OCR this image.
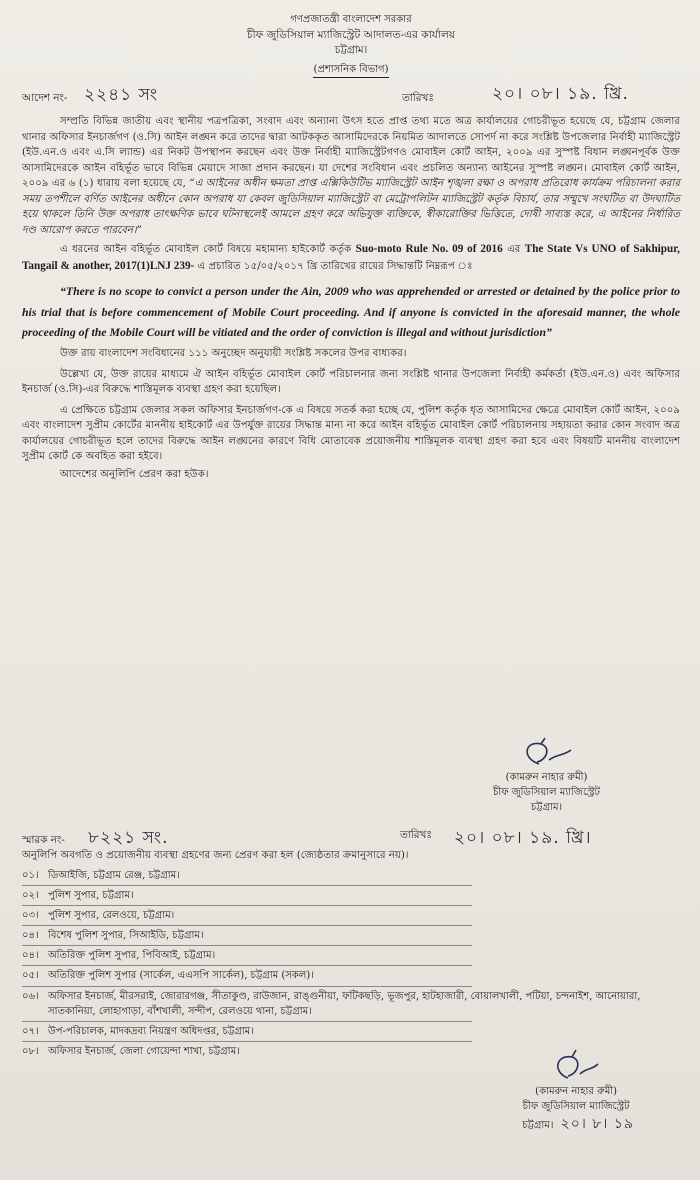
গণপ্রজাতন্ত্রী বাংলাদেশ সরকার
চীফ জুডিসিয়াল ম্যাজিস্ট্রেট আদালত-এর কার্যালয়
চট্টগ্রাম।
(প্রশাসনিক বিভাগ)
আদেশ নং- ২২৪১ সং	তারিখঃ	২০। ০৮। ১৯. খ্রি.

সম্প্রতি বিভিন্ন জাতীয় এবং স্থানীয় পত্রপত্রিকা, সংবাদ এবং অন্যান্য উৎস হতে প্রাপ্ত তথ্য মতে অত্র কার্যালয়ের গোচরীভূত হয়েছে যে, চট্টগ্রাম জেলার থানার অফিসার ইনচার্জগণ (ও.সি) আইন লঙ্ঘন করে তাদের দ্বারা আটককৃত আসামিদেরকে নিয়মিত আদালতে সোপর্দ না করে সংশ্লিষ্ট উপজেলার নির্বাহী ম্যাজিস্ট্রেট (ইউ.এন.ও এবং এ.সি ল্যান্ড) এর নিকট উপস্থাপন করছেন এবং উক্ত নির্বাহী ম্যাজিস্ট্রেটগণও মোবাইল কোর্ট আইন, ২০০৯ এর সুস্পষ্ট বিধান লঙ্ঘনপূর্বক উক্ত আসামিদেরকে আইন বহির্ভূত ভাবে বিভিন্ন মেয়াদে সাজা প্রদান করছেন। যা দেশের সংবিধান এবং প্রচলিত অন্যান্য আইনের সুস্পষ্ট লঙ্ঘন। মোবাইল কোর্ট আইন, ২০০৯ এর ৬ (১) ধারায় বলা হয়েছে যে, “এ আইনের অধীন ক্ষমতা প্রাপ্ত এক্সিকিউটিভ ম্যাজিস্ট্রেট আইন শৃঙ্খলা রক্ষা ও অপরাধ প্রতিরোধ কার্যক্রম পরিচালনা করার সময় তপশীলে বর্ণিত আইনের অধীনে কোন অপরাধ যা কেবল জুডিসিয়াল ম্যাজিস্ট্রেট বা মেট্রোপলিটন ম্যাজিস্ট্রেট কর্তৃক বিচার্য, তার সম্মুখে সংঘটিত বা উদঘাটিত হয়ে থাকলে তিনি উক্ত অপরাধ তাৎক্ষণিক ভাবে ঘটনাস্থলেই আমলে গ্রহণ করে অভিযুক্ত ব্যক্তিকে, স্বীকারোক্তির ভিত্তিতে, দোষী সাব্যস্ত করে, এ আইনের নির্ধারিত দণ্ড আরোপ করতে পারবেন।”

এ ধরনের আইন বহির্ভূত মোবাইল কোর্ট বিষয়ে মহামান্য হাইকোর্ট কর্তৃক Suo-moto Rule No. 09 of 2016 এর The State Vs UNO of Sakhipur, Tangail & another, 2017(1)LNJ 239- এ প্রচারিত ১৫/০৫/২০১৭ খ্রি তারিখের রায়ের সিদ্ধান্তটি নিম্নরূপ ঃ

“There is no scope to convict a person under the Ain, 2009 who was apprehended or arrested or detained by the police prior to his trial that is before commencement of Mobile Court proceeding. And if anyone is convicted in the aforesaid manner, the whole proceeding of the Mobile Court will be vitiated and the order of conviction is illegal and without jurisdiction”

উক্ত রায় বাংলাদেশ সংবিধানের ১১১ অনুচ্ছেদ অনুযায়ী সংশ্লিষ্ট সকলের উপর বাধ্যকর।

উল্লেখ্য যে, উক্ত রায়ের মাধ্যমে ঐ আইন বহির্ভূত মোবাইল কোর্ট পরিচালনার জন্য সংশ্লিষ্ট থানার উপজেলা নির্বাহী কর্মকর্তা (ইউ.এন.ও) এবং অফিসার ইনচার্জ (ও.সি)-এর বিরুদ্ধে শাস্তিমূলক ব্যবস্থা গ্রহণ করা হয়েছিল।

এ প্রেক্ষিতে চট্টগ্রাম জেলার সকল অফিসার ইনচার্জগণ-কে এ বিষয়ে সতর্ক করা হচ্ছে যে, পুলিশ কর্তৃক ধৃত আসামিদের ক্ষেত্রে মোবাইল কোর্ট আইন, ২০০৯ এবং বাংলাদেশ সুপ্রীম কোর্টের মাননীয় হাইকোর্ট এর উপর্যুক্ত রায়ের সিদ্ধান্ত মান্য না করে আইন বহির্ভূত মোবাইল কোর্ট পরিচালনায় সহায়তা করার কোন সংবাদ অত্র কার্যালয়ের গোচরীভূত হলে তাদের বিরুদ্ধে আইন লঙ্ঘনের কারণে বিধি মোতাবেক প্রয়োজনীয় শাস্তিমূলক ব্যবস্থা গ্রহণ করা হবে এবং বিষয়টি মাননীয় বাংলাদেশ সুপ্রীম কোর্ট কে অবহিত করা হইবে।

আদেশের অনুলিপি প্রেরণ করা হউক।

(কামরুন নাহার রুমী)
চীফ জুডিসিয়াল ম্যাজিস্ট্রেট
চট্টগ্রাম।
স্মারক নং- ৮২২১ সং.	তারিখঃ ২০। ০৮। ১৯. খ্রি।
অনুলিপি অবগতি ও প্রয়োজনীয় ব্যবস্থা গ্রহণের জন্য প্রেরণ করা হল (জ্যেষ্ঠতার ক্রমানুসারে নয়)।
০১। ডিআইজি, চট্টগ্রাম রেঞ্জ, চট্টগ্রাম।
০২। পুলিশ সুপার, চট্টগ্রাম।
০৩। পুলিশ সুপার, রেলওয়ে, চট্টগ্রাম।
০৪। বিশেষ পুলিশ সুপার, সিআইডি, চট্টগ্রাম।
০৪। অতিরিক্ত পুলিশ সুপার, পিবিআই, চট্টগ্রাম।
০৫। অতিরিক্ত পুলিশ সুপার (সার্কেল, এএসপি সার্কেল), চট্টগ্রাম (সকল)।
০৬। অফিসার ইনচার্জ, মীরসরাই, জোরারগঞ্জ, সীতাকুণ্ড, রাউজান, রাঙ্গুনীয়া, ফটিকছড়ি, ভূজপুর, হাটহাজারী, বোয়ালখালী, পটিয়া, চন্দনাইশ, আনোয়ারা, সাতকানিয়া, লোহাগাড়া, বাঁশখালী, সন্দীপ, রেলওয়ে থানা, চট্টগ্রাম।
০৭। উপ-পরিচালক, মাদকদ্রব্য নিয়ন্ত্রণ অধিদপ্তর, চট্টগ্রাম।
০৮। অফিসার ইনচার্জ, জেলা গোয়েন্দা শাখা, চট্টগ্রাম।
(কামরুন নাহার রুমী)
চীফ জুডিসিয়াল ম্যাজিস্ট্রেট
চট্টগ্রাম। ২০। ৮। ১৯
